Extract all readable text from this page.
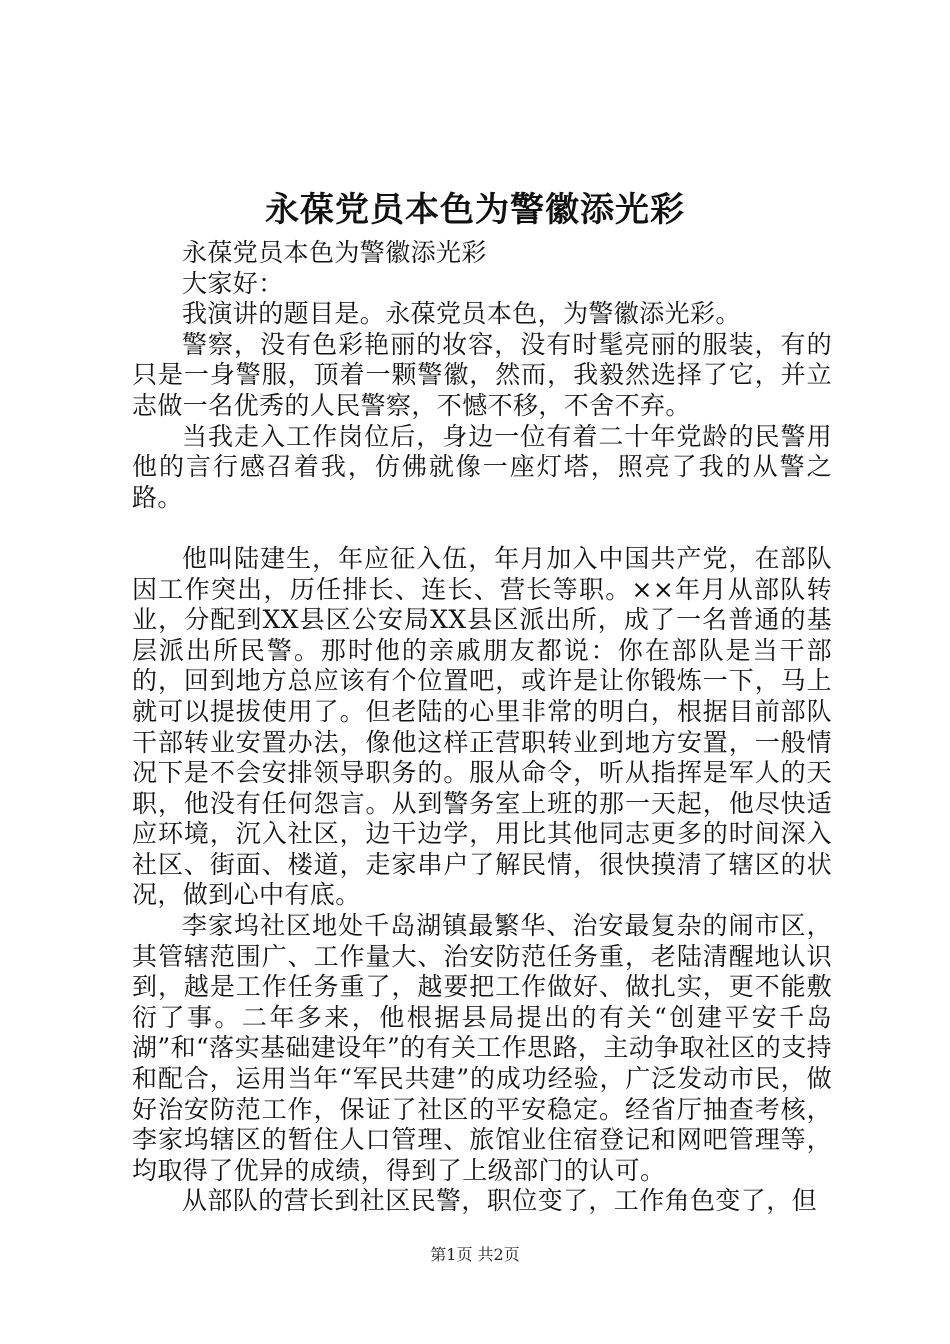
永葆党员本色为警徽添光彩

永葆党员本色为警徽添光彩

大家好：

我演讲的题目是。永葆党员本色，为警徽添光彩。

警察，没有色彩艳丽的妆容，没有时髦亮丽的服装，有的只是一身警服，顶着一颗警徽，然而，我毅然选择了它，并立志做一名优秀的人民警察，不憾不移，不舍不弃。

当我走入工作岗位后，身边一位有着二十年党龄的民警用他的言行感召着我，仿佛就像一座灯塔，照亮了我的从警之路。

他叫陆建生，年应征入伍，年月加入中国共产党，在部队因工作突出，历任排长、连长、营长等职。××年月从部队转业，分配到XX县区公安局XX县区派出所，成了一名普通的基层派出所民警。那时他的亲戚朋友都说：你在部队是当干部的，回到地方总应该有个位置吧，或许是让你锻炼一下，马上就可以提拔使用了。但老陆的心里非常的明白，根据目前部队干部转业安置办法，像他这样正营职转业到地方安置，一般情况下是不会安排领导职务的。服从命令，听从指挥是军人的天职，他没有任何怨言。从到警务室上班的那一天起，他尽快适应环境，沉入社区，边干边学，用比其他同志更多的时间深入社区、街面、楼道，走家串户了解民情，很快摸清了辖区的状况，做到心中有底。

李家坞社区地处千岛湖镇最繁华、治安最复杂的闹市区，其管辖范围广、工作量大、治安防范任务重，老陆清醒地认识到，越是工作任务重了，越要把工作做好、做扎实，更不能敷衍了事。二年多来，他根据县局提出的有关“创建平安千岛湖”和“落实基础建设年”的有关工作思路，主动争取社区的支持和配合，运用当年“军民共建”的成功经验，广泛发动市民，做好治安防范工作，保证了社区的平安稳定。经省厅抽查考核，李家坞辖区的暂住人口管理、旅馆业住宿登记和网吧管理等，均取得了优异的成绩，得到了上级部门的认可。

从部队的营长到社区民警，职位变了，工作角色变了，但

第1页 共2页
